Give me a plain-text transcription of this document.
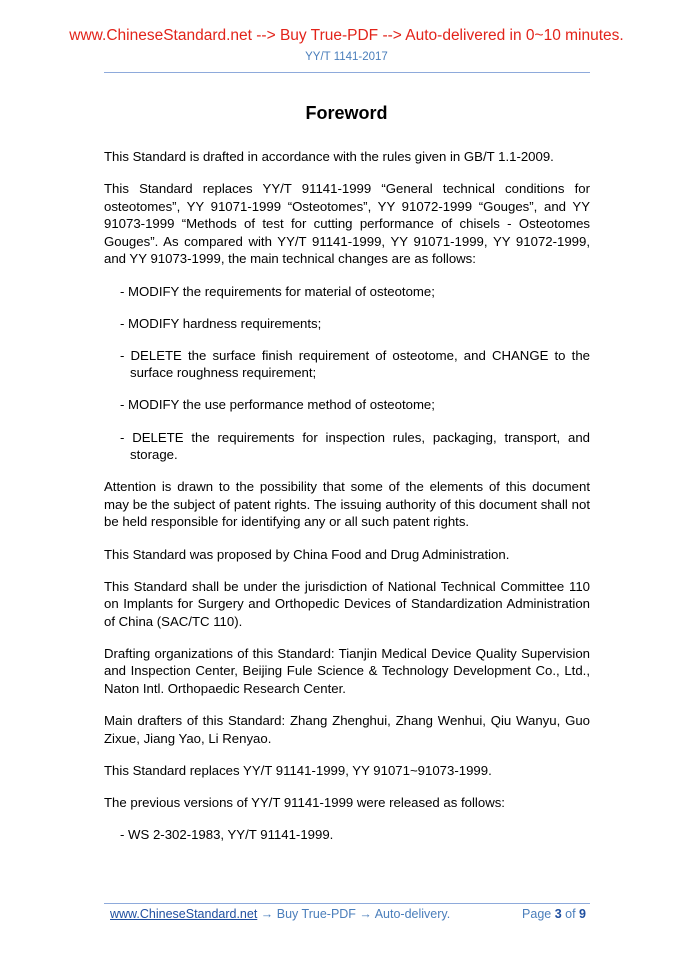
www.ChineseStandard.net --> Buy True-PDF --> Auto-delivered in 0~10 minutes.
YY/T 1141-2017
Foreword

This Standard is drafted in accordance with the rules given in GB/T 1.1-2009.

This Standard replaces YY/T 91141-1999 “General technical conditions for osteotomes”, YY 91071-1999 “Osteotomes”, YY 91072-1999 “Gouges”, and YY 91073-1999 “Methods of test for cutting performance of chisels - Osteotomes Gouges”. As compared with YY/T 91141-1999, YY 91071-1999, YY 91072-1999, and YY 91073-1999, the main technical changes are as follows:

- MODIFY the requirements for material of osteotome;
- MODIFY hardness requirements;
- DELETE the surface finish requirement of osteotome, and CHANGE to the surface roughness requirement;
- MODIFY the use performance method of osteotome;
- DELETE the requirements for inspection rules, packaging, transport, and storage.

Attention is drawn to the possibility that some of the elements of this document may be the subject of patent rights. The issuing authority of this document shall not be held responsible for identifying any or all such patent rights.

This Standard was proposed by China Food and Drug Administration.

This Standard shall be under the jurisdiction of National Technical Committee 110 on Implants for Surgery and Orthopedic Devices of Standardization Administration of China (SAC/TC 110).

Drafting organizations of this Standard: Tianjin Medical Device Quality Supervision and Inspection Center, Beijing Fule Science & Technology Development Co., Ltd., Naton Intl. Orthopaedic Research Center.

Main drafters of this Standard: Zhang Zhenghui, Zhang Wenhui, Qiu Wanyu, Guo Zixue, Jiang Yao, Li Renyao.

This Standard replaces YY/T 91141-1999, YY 91071~91073-1999.

The previous versions of YY/T 91141-1999 were released as follows:

- WS 2-302-1983, YY/T 91141-1999.
www.ChineseStandard.net → Buy True-PDF → Auto-delivery.	Page 3 of 9
